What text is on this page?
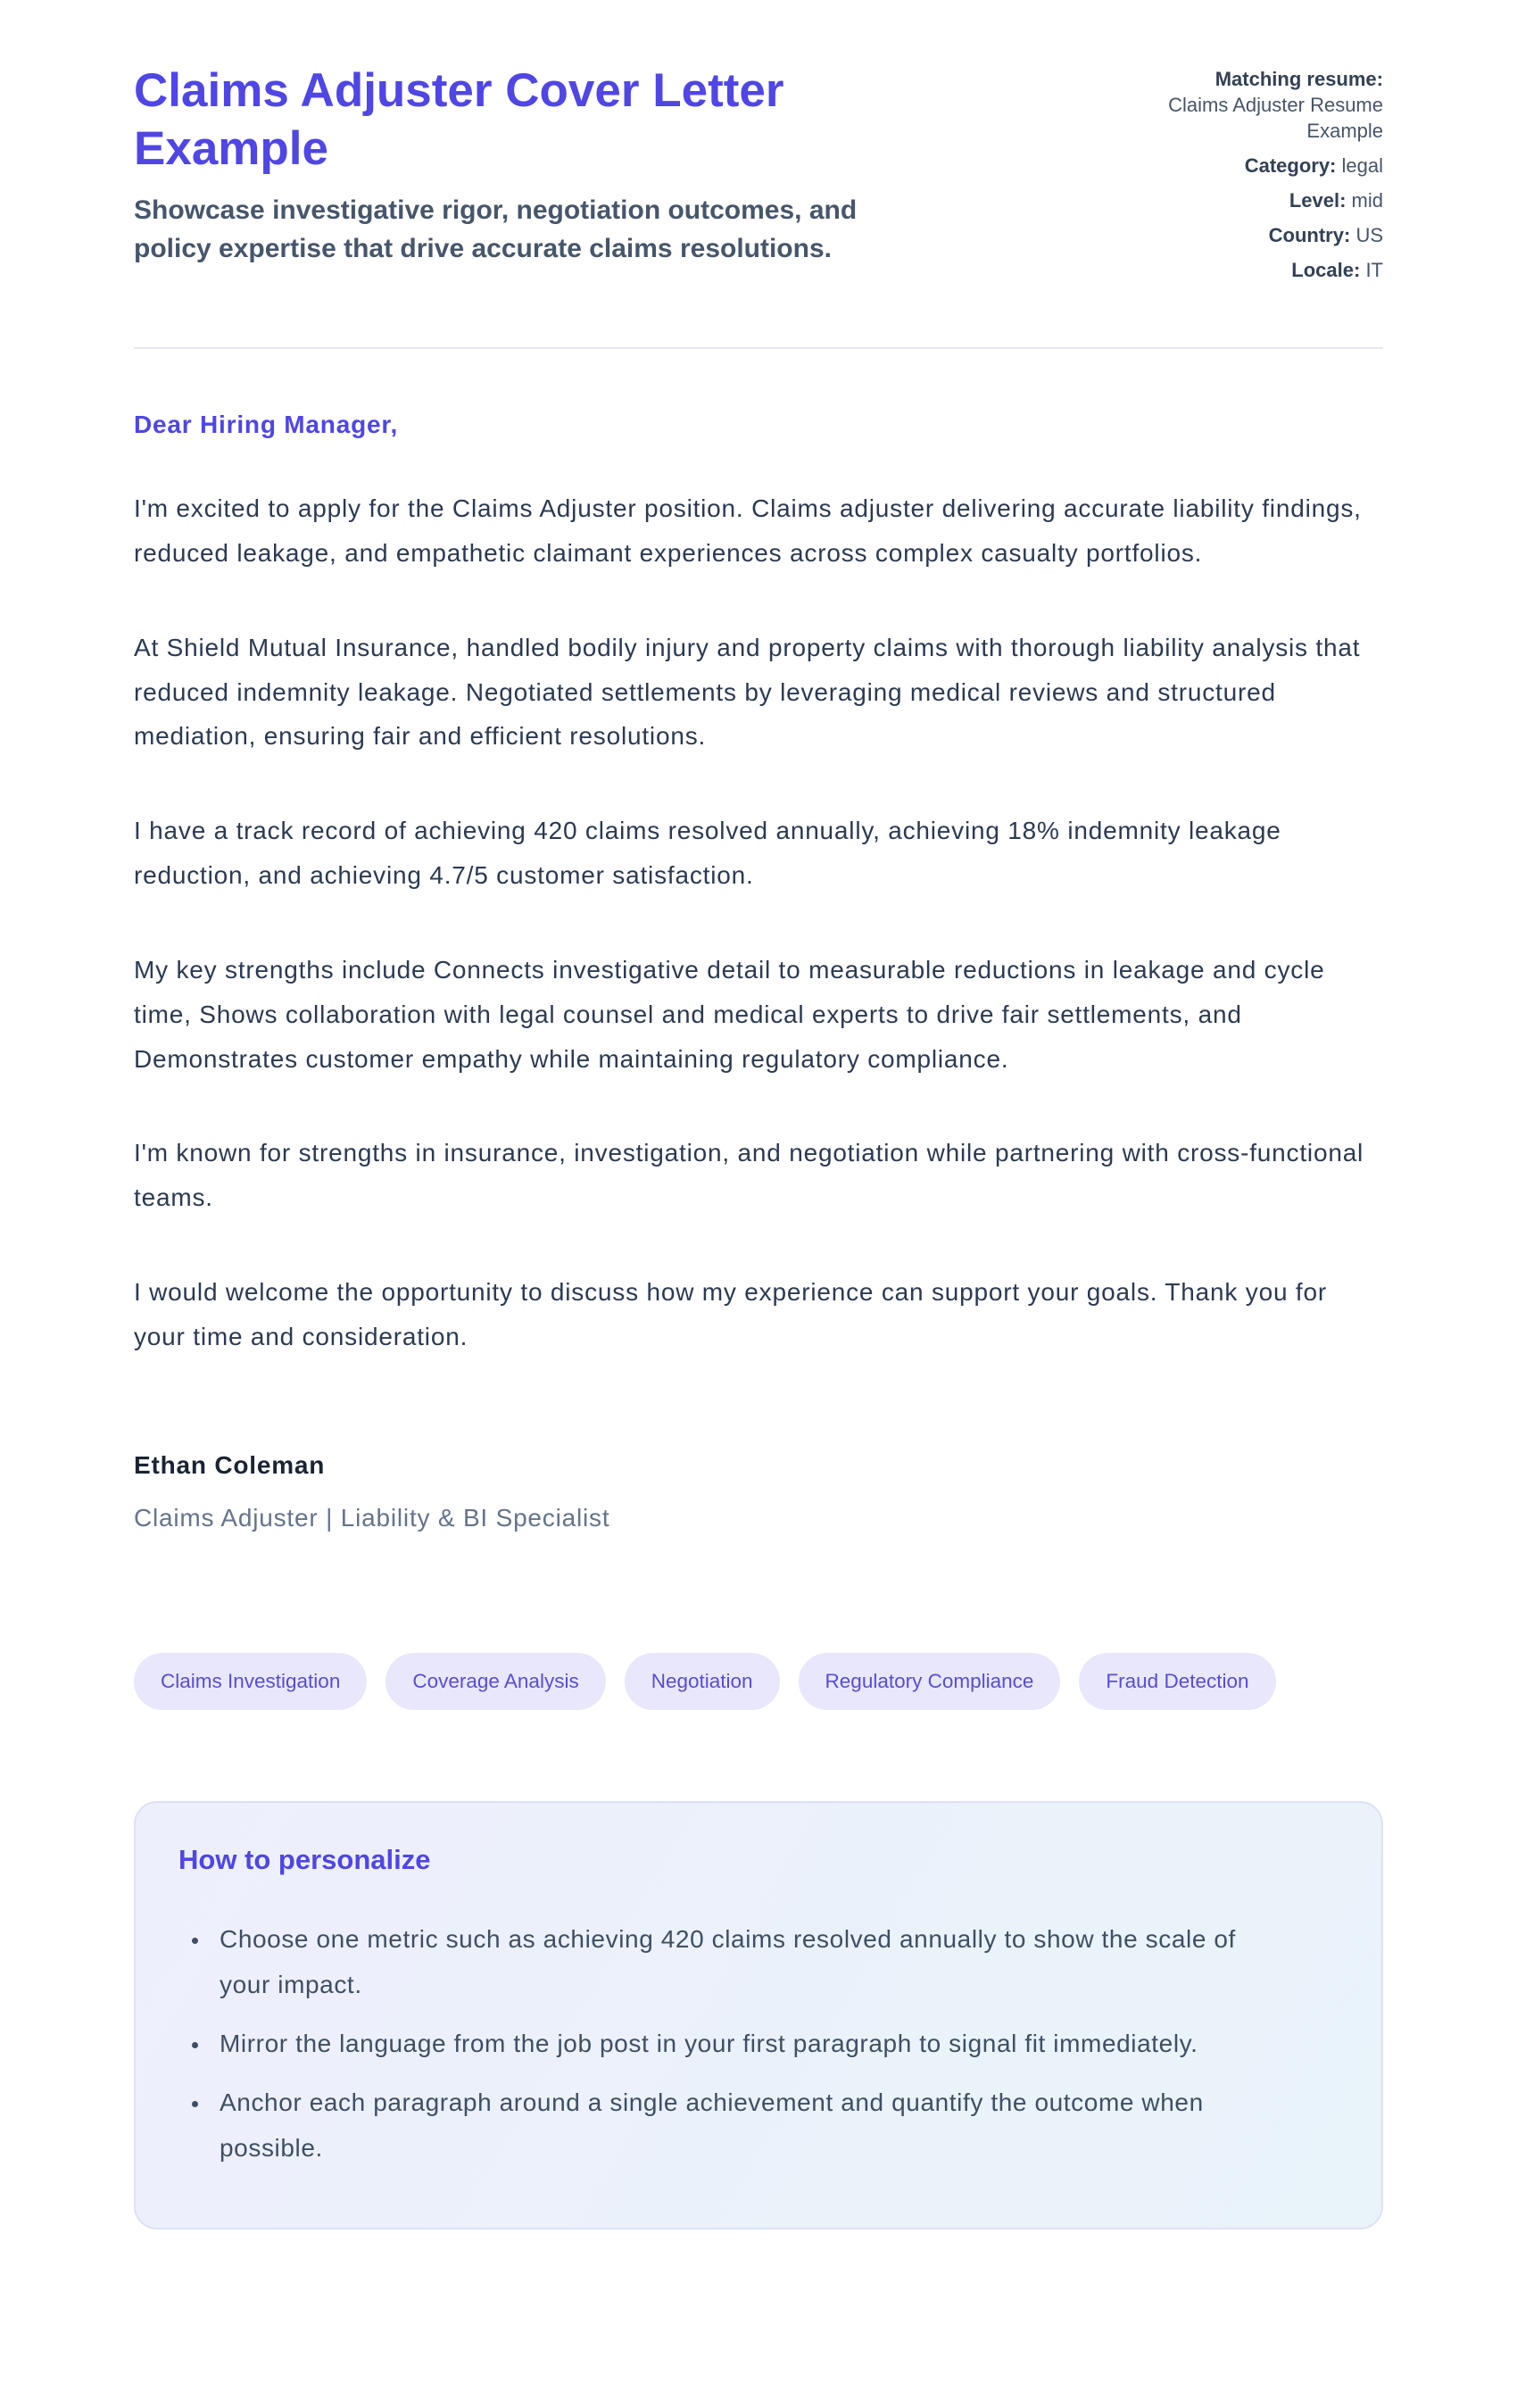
Claims Adjuster Cover Letter Example

Showcase investigative rigor, negotiation outcomes, and policy expertise that drive accurate claims resolutions.

Matching resume:
Claims Adjuster Resume Example
Category: legal
Level: mid
Country: US
Locale: IT

Dear Hiring Manager,

I'm excited to apply for the Claims Adjuster position. Claims adjuster delivering accurate liability findings, reduced leakage, and empathetic claimant experiences across complex casualty portfolios.

At Shield Mutual Insurance, handled bodily injury and property claims with thorough liability analysis that reduced indemnity leakage. Negotiated settlements by leveraging medical reviews and structured mediation, ensuring fair and efficient resolutions.

I have a track record of achieving 420 claims resolved annually, achieving 18% indemnity leakage reduction, and achieving 4.7/5 customer satisfaction.

My key strengths include Connects investigative detail to measurable reductions in leakage and cycle time, Shows collaboration with legal counsel and medical experts to drive fair settlements, and Demonstrates customer empathy while maintaining regulatory compliance.

I'm known for strengths in insurance, investigation, and negotiation while partnering with cross-functional teams.

I would welcome the opportunity to discuss how my experience can support your goals. Thank you for your time and consideration.

Ethan Coleman

Claims Adjuster | Liability & BI Specialist

Claims Investigation	Coverage Analysis	Negotiation	Regulatory Compliance	Fraud Detection
How to personalize
• Choose one metric such as achieving 420 claims resolved annually to show the scale of your impact.
• Mirror the language from the job post in your first paragraph to signal fit immediately.
• Anchor each paragraph around a single achievement and quantify the outcome when possible.
